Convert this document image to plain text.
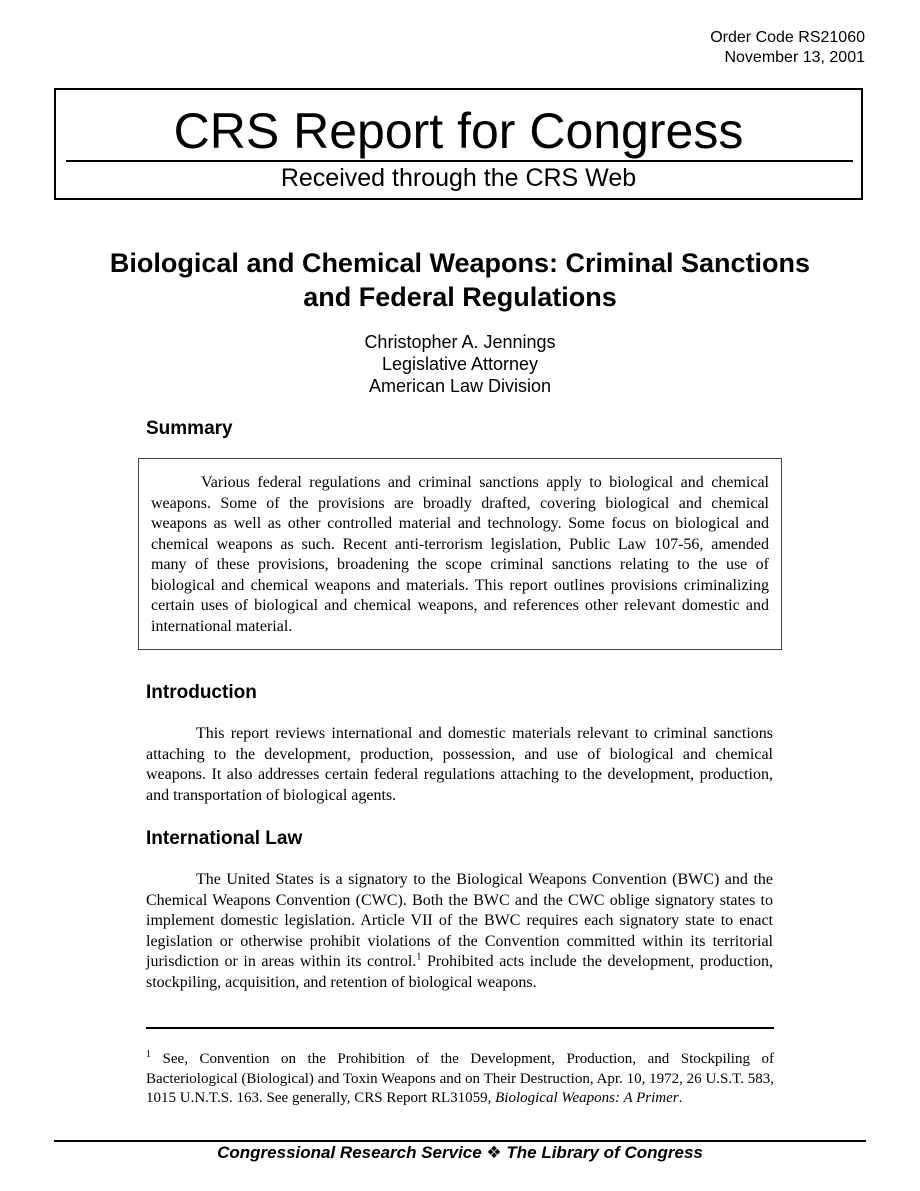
Order Code RS21060
November 13, 2001
CRS Report for Congress
Received through the CRS Web
Biological and Chemical Weapons: Criminal Sanctions and Federal Regulations
Christopher A. Jennings
Legislative Attorney
American Law Division
Summary

Various federal regulations and criminal sanctions apply to biological and chemical weapons. Some of the provisions are broadly drafted, covering biological and chemical weapons as well as other controlled material and technology. Some focus on biological and chemical weapons as such. Recent anti-terrorism legislation, Public Law 107-56, amended many of these provisions, broadening the scope criminal sanctions relating to the use of biological and chemical weapons and materials. This report outlines provisions criminalizing certain uses of biological and chemical weapons, and references other relevant domestic and international material.

Introduction

This report reviews international and domestic materials relevant to criminal sanctions attaching to the development, production, possession, and use of biological and chemical weapons. It also addresses certain federal regulations attaching to the development, production, and transportation of biological agents.

International Law

The United States is a signatory to the Biological Weapons Convention (BWC) and the Chemical Weapons Convention (CWC). Both the BWC and the CWC oblige signatory states to implement domestic legislation. Article VII of the BWC requires each signatory state to enact legislation or otherwise prohibit violations of the Convention committed within its territorial jurisdiction or in areas within its control.$^1$ Prohibited acts include the development, production, stockpiling, acquisition, and retention of biological weapons.

$^1$ See, Convention on the Prohibition of the Development, Production, and Stockpiling of Bacteriological (Biological) and Toxin Weapons and on Their Destruction, Apr. 10, 1972, 26 U.S.T. 583, 1015 U.N.T.S. 163. See generally, CRS Report RL31059, Biological Weapons: A Primer.

Congressional Research Service ❖ The Library of Congress
